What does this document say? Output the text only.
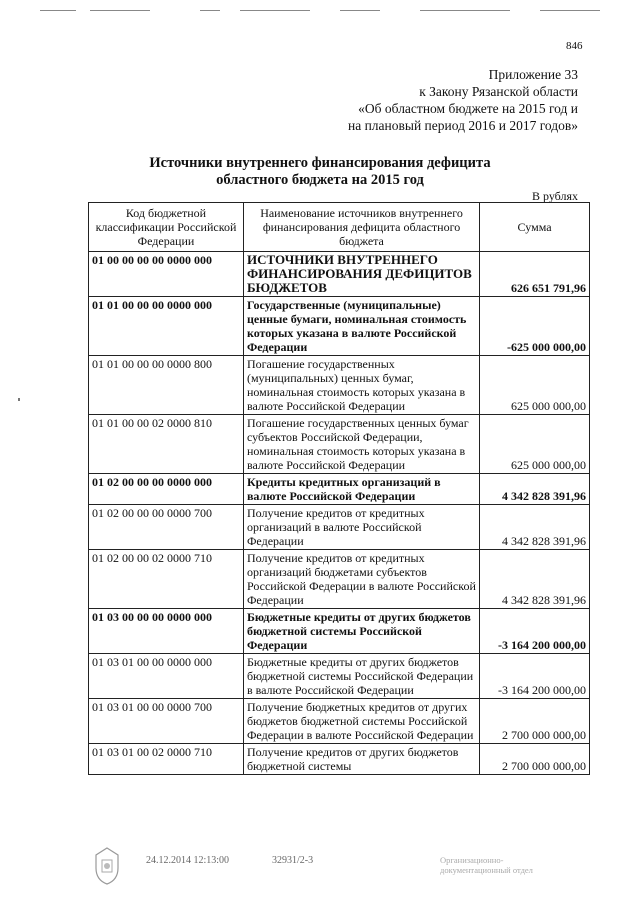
846
Приложение 33
к Закону Рязанской области
«Об областном бюджете на 2015 год и
на плановый период 2016 и 2017 годов»
Источники внутреннего финансирования дефицита
областного бюджета на 2015 год
В рублях
Код бюджетной классификации Российской Федерации	Наименование источников внутреннего финансирования дефицита областного бюджета	Сумма
01 00 00 00 00 0000 000	ИСТОЧНИКИ ВНУТРЕННЕГО ФИНАНСИРОВАНИЯ ДЕФИЦИТОВ БЮДЖЕТОВ	626 651 791,96
01 01 00 00 00 0000 000	Государственные (муниципальные) ценные бумаги, номинальная стоимость которых указана в валюте Российской Федерации	-625 000 000,00
01 01 00 00 00 0000 800	Погашение государственных (муниципальных) ценных бумаг, номинальная стоимость которых указана в валюте Российской Федерации	625 000 000,00
01 01 00 00 02 0000 810	Погашение государственных ценных бумаг субъектов Российской Федерации, номинальная стоимость которых указана в валюте Российской Федерации	625 000 000,00
01 02 00 00 00 0000 000	Кредиты кредитных организаций в валюте Российской Федерации	4 342 828 391,96
01 02 00 00 00 0000 700	Получение кредитов от кредитных организаций в валюте Российской Федерации	4 342 828 391,96
01 02 00 00 02 0000 710	Получение кредитов от кредитных организаций бюджетами субъектов Российской Федерации в валюте Российской Федерации	4 342 828 391,96
01 03 00 00 00 0000 000	Бюджетные кредиты от других бюджетов бюджетной системы Российской Федерации	-3 164 200 000,00
01 03 01 00 00 0000 000	Бюджетные кредиты от других бюджетов бюджетной системы Российской Федерации в валюте Российской Федерации	-3 164 200 000,00
01 03 01 00 00 0000 700	Получение бюджетных кредитов от других бюджетов бюджетной системы Российской Федерации в валюте Российской Федерации	2 700 000 000,00
01 03 01 00 02 0000 710	Получение кредитов от других бюджетов бюджетной системы	2 700 000 000,00
24.12.2014 12:13:00	32931/2-3	Организационно-
документационный отдел
